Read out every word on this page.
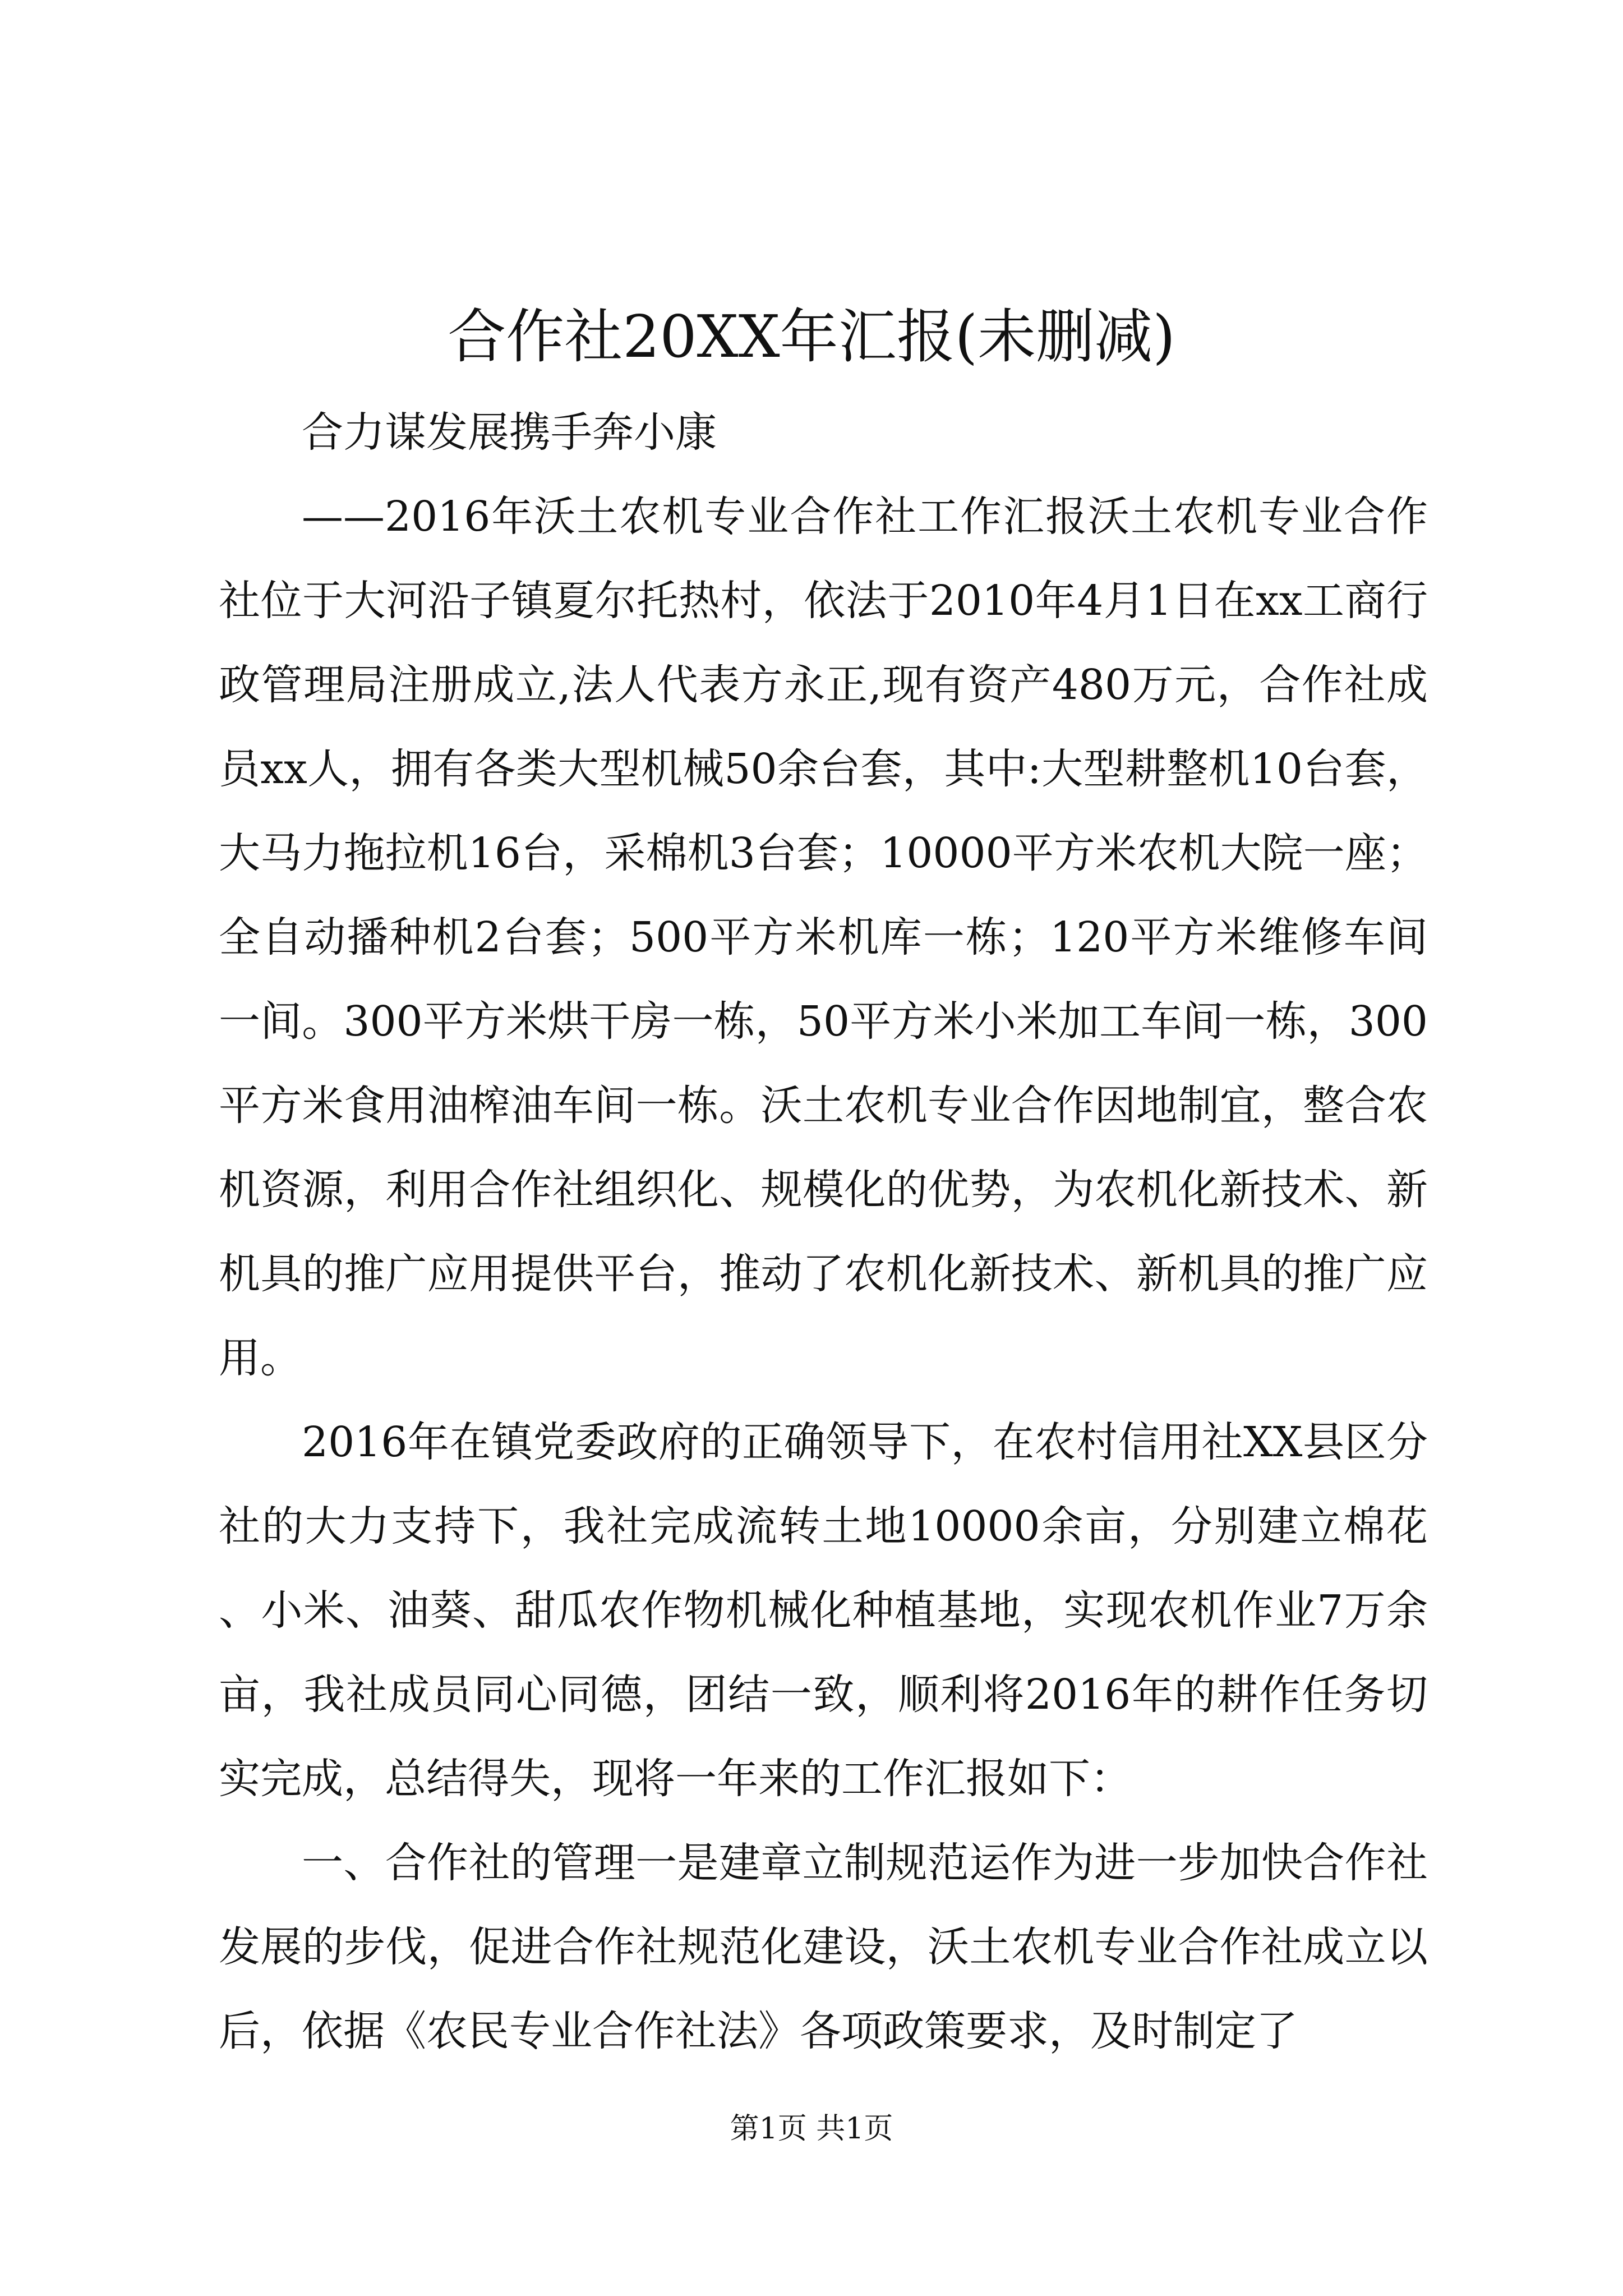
合作社20XX年汇报(未删减)

合力谋发展携手奔小康

——2016年沃土农机专业合作社工作汇报沃土农机专业合作社位于大河沿子镇夏尔托热村，依法于2010年4月1日在xx工商行政管理局注册成立,法人代表方永正,现有资产480万元，合作社成员xx人，拥有各类大型机械50余台套，其中:大型耕整机10台套，大马力拖拉机16台，采棉机3台套；10000平方米农机大院一座；全自动播种机2台套；500平方米机库一栋；120平方米维修车间一间。300平方米烘干房一栋，50平方米小米加工车间一栋，300平方米食用油榨油车间一栋。沃土农机专业合作因地制宜，整合农机资源，利用合作社组织化、规模化的优势，为农机化新技术、新机具的推广应用提供平台，推动了农机化新技术、新机具的推广应用。

2016年在镇党委政府的正确领导下，在农村信用社XX县区分社的大力支持下，我社完成流转土地10000余亩，分别建立棉花、小米、油葵、甜瓜农作物机械化种植基地，实现农机作业7万余亩，我社成员同心同德，团结一致，顺利将2016年的耕作任务切实完成，总结得失，现将一年来的工作汇报如下：

一、合作社的管理一是建章立制规范运作为进一步加快合作社发展的步伐，促进合作社规范化建设，沃土农机专业合作社成立以后，依据《农民专业合作社法》各项政策要求，及时制定了

第1页 共1页
